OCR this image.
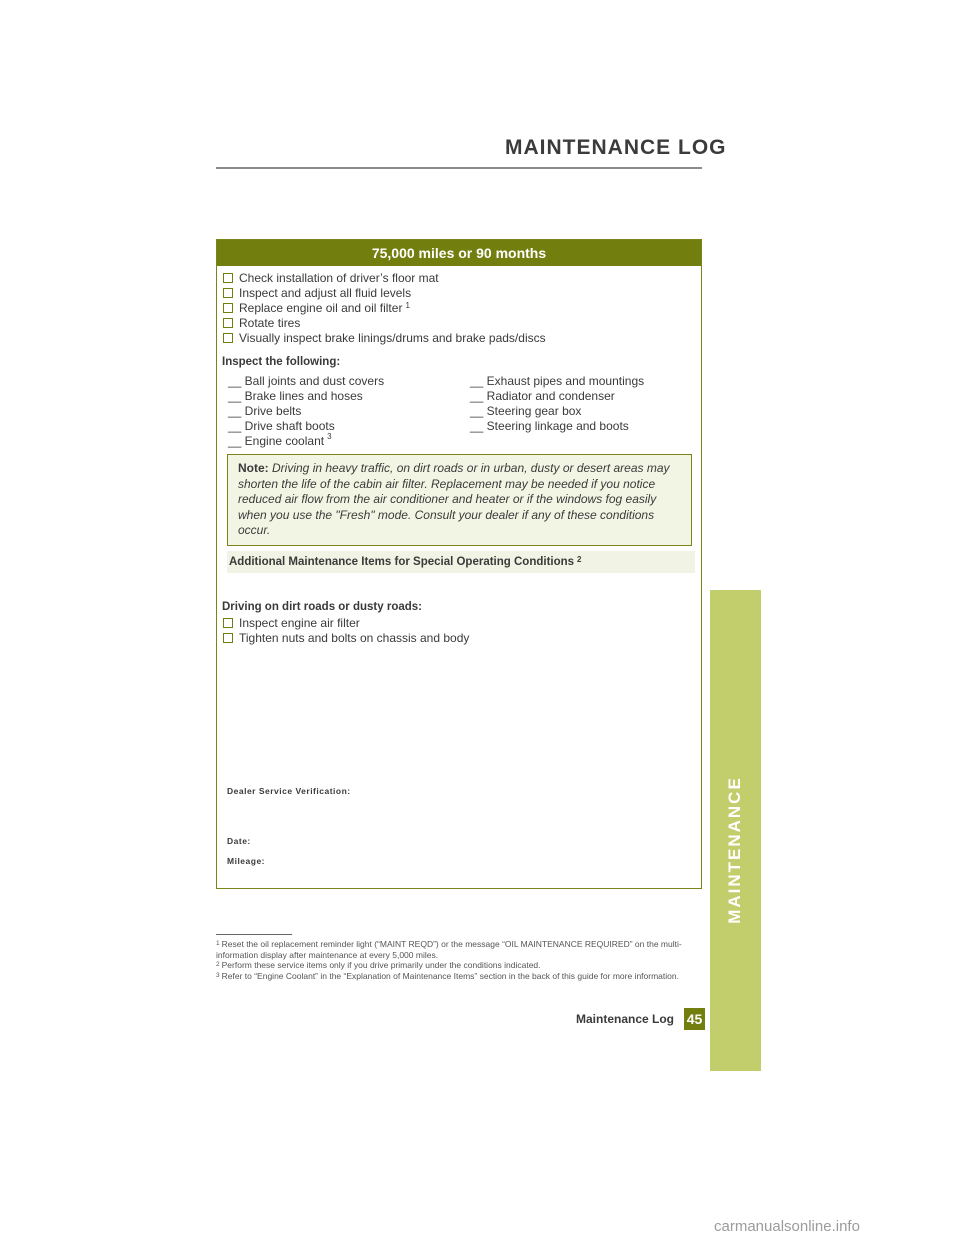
MAINTENANCE LOG
MAINTENANCE
75,000 miles or 90 months
Check installation of driver’s floor mat
Inspect and adjust all fluid levels
Replace engine oil and oil filter $^1$
Rotate tires
Visually inspect brake linings/drums and brake pads/discs
Inspect the following:
__ Ball joints and dust covers
__ Brake lines and hoses
__ Drive belts
__ Drive shaft boots
__ Engine coolant $^3$
__ Exhaust pipes and mountings
__ Radiator and condenser
__ Steering gear box
__ Steering linkage and boots
Note: Driving in heavy traffic, on dirt roads or in urban, dusty or desert areas may shorten the life of the cabin air filter. Replacement may be needed if you notice reduced air flow from the air conditioner and heater or if the windows fog easily when you use the "Fresh" mode. Consult your dealer if any of these conditions occur.
Additional Maintenance Items for Special Operating Conditions $^2$
Driving on dirt roads or dusty roads:
Inspect engine air filter
Tighten nuts and bolts on chassis and body
Dealer Service Verification:
Date:
Mileage:

$^1$ Reset the oil replacement reminder light (“MAINT REQD”) or the message “OIL MAINTENANCE REQUIRED” on the multi-information display after maintenance at every 5,000 miles.

$^2$ Perform these service items only if you drive primarily under the conditions indicated.

$^3$ Refer to “Engine Coolant” in the “Explanation of Maintenance Items” section in the back of this guide for more information.

Maintenance Log 45
carmanualsonline.info
